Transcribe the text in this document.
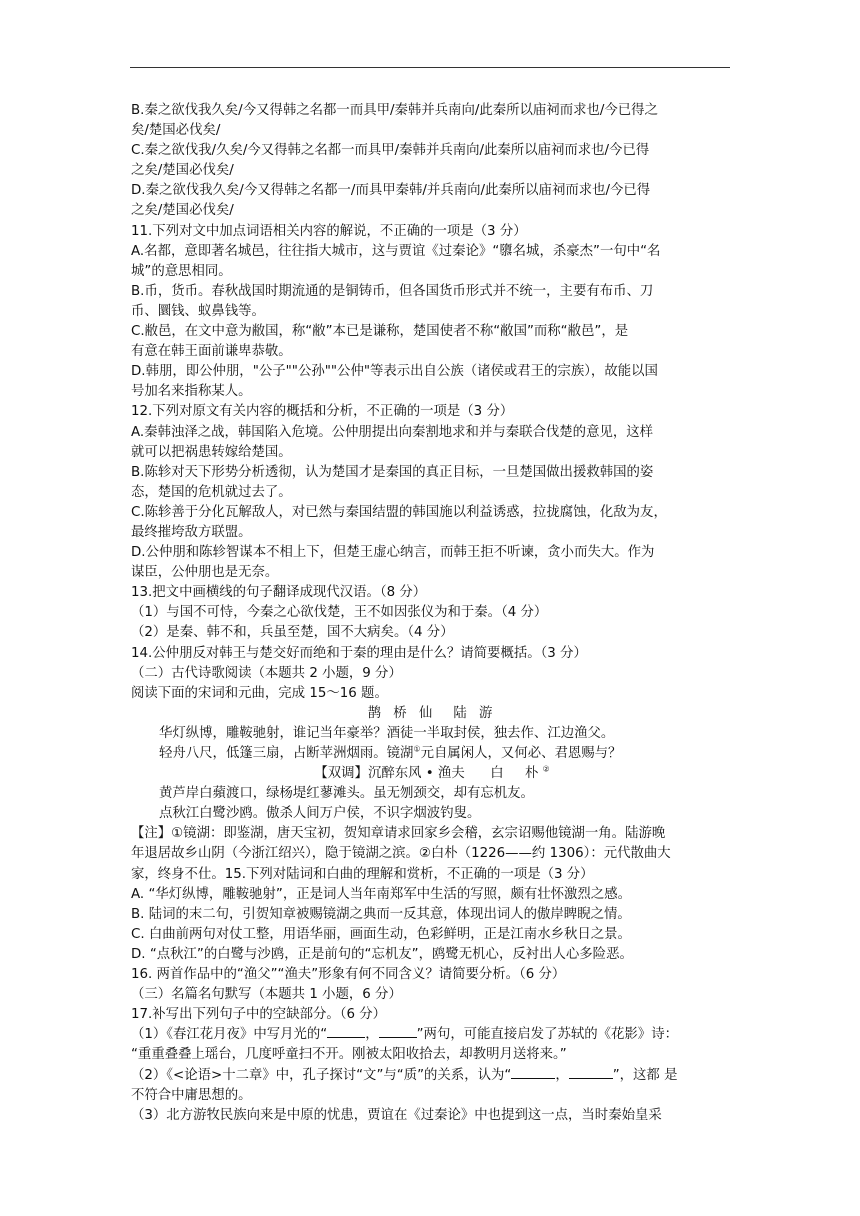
B.秦之欲伐我久矣/今又得韩之名都一而具甲/秦韩并兵南向/此秦所以庙祠而求也/今已得之

矣/楚国必伐矣/

C.秦之欲伐我/久矣/今又得韩之名都一而具甲/秦韩并兵南向/此秦所以庙祠而求也/今已得

之矣/楚国必伐矣/

D.秦之欲伐我久矣/今又得韩之名都一/而具甲秦韩/并兵南向/此秦所以庙祠而求也/今已得

之矣/楚国必伐矣/

11.下列对文中加点词语相关内容的解说，不正确的一项是（3 分）

A.名都，意即著名城邑，往往指大城市，这与贾谊《过秦论》“隳名城，杀豪杰”一句中“名

城”的意思相同。

B.币，货币。春秋战国时期流通的是铜铸币，但各国货币形式并不统一，主要有布币、刀

币、圜钱、蚁鼻钱等。

C.敝邑，在文中意为敝国，称“敝”本已是谦称，楚国使者不称“敝国”而称“敝邑”，是

有意在韩王面前谦卑恭敬。

D.韩朋，即公仲朋，"公子""公孙""公仲"等表示出自公族（诸侯或君王的宗族），故能以国

号加名来指称某人。

12.下列对原文有关内容的概括和分析，不正确的一项是（3 分）

A.秦韩浊泽之战，韩国陷入危境。公仲朋提出向秦割地求和并与秦联合伐楚的意见，这样

就可以把祸患转嫁给楚国。

B.陈轸对天下形势分析透彻，认为楚国才是秦国的真正目标，一旦楚国做出援救韩国的姿

态，楚国的危机就过去了。

C.陈轸善于分化瓦解敌人，对已然与秦国结盟的韩国施以利益诱惑，拉拢腐蚀，化敌为友，

最终摧垮敌方联盟。

D.公仲朋和陈轸智谋本不相上下，但楚王虚心纳言，而韩王拒不听谏，贪小而失大。作为

谋臣，公仲朋也是无奈。

13.把文中画横线的句子翻译成现代汉语。（8 分）

（1）与国不可恃，今秦之心欲伐楚，王不如因张仪为和于秦。（4 分）

（2）是秦、韩不和，兵虽至楚，国不大病矣。（4 分）

14.公仲朋反对韩王与楚交好而绝和于秦的理由是什么？请简要概括。（3 分）

（二）古代诗歌阅读（本题共 2 小题，9 分）

阅读下面的宋词和元曲，完成 15～16 题。

鹊 桥 仙 陆 游

华灯纵博，雕鞍驰射，谁记当年豪举？酒徒一半取封侯，独去作、江边渔父。

轻舟八尺，低篷三扇，占断苹洲烟雨。镜湖①元自属闲人，又何必、君恩赐与？

【双调】沉醉东风 • 渔夫 白　朴②

黄芦岸白蘋渡口，绿杨堤红蓼滩头。虽无刎颈交，却有忘机友。

点秋江白鹭沙鸥。傲杀人间万户侯，不识字烟波钓叟。

【注】①镜湖：即鉴湖，唐天宝初，贺知章请求回家乡会稽，玄宗诏赐他镜湖一角。陆游晚

年退居故乡山阴（今浙江绍兴），隐于镜湖之滨。②白朴（1226——约 1306）：元代散曲大

家，终身不仕。15.下列对陆词和白曲的理解和赏析，不正确的一项是（3 分）

A. “华灯纵博，雕鞍驰射”，正是词人当年南郑军中生活的写照，颇有壮怀激烈之感。

B. 陆词的末二句，引贺知章被赐镜湖之典而一反其意，体现出词人的傲岸睥睨之情。

C. 白曲前两句对仗工整，用语华丽，画面生动，色彩鲜明，正是江南水乡秋日之景。

D. “点秋江”的白鹭与沙鸥，正是前句的“忘机友”，鸥鹭无机心，反衬出人心多险恶。

16. 两首作品中的“渔父”“渔夫”形象有何不同含义？请简要分析。（6 分）

（三）名篇名句默写（本题共 1 小题，6 分）

17.补写出下列句子中的空缺部分。（6 分）

（1）《春江花月夜》中写月光的“	，	”两句，可能直接启发了苏轼的《花影》诗：

“重重叠叠上瑶台，几度呼童扫不开。刚被太阳收拾去，却教明月送将来。”

（2）《<论语>十二章》中，孔子探讨“文”与“质”的关系，认为“	，	”，这都 是

不符合中庸思想的。

（3）北方游牧民族向来是中原的忧患，贾谊在《过秦论》中也提到这一点，当时秦始皇采
